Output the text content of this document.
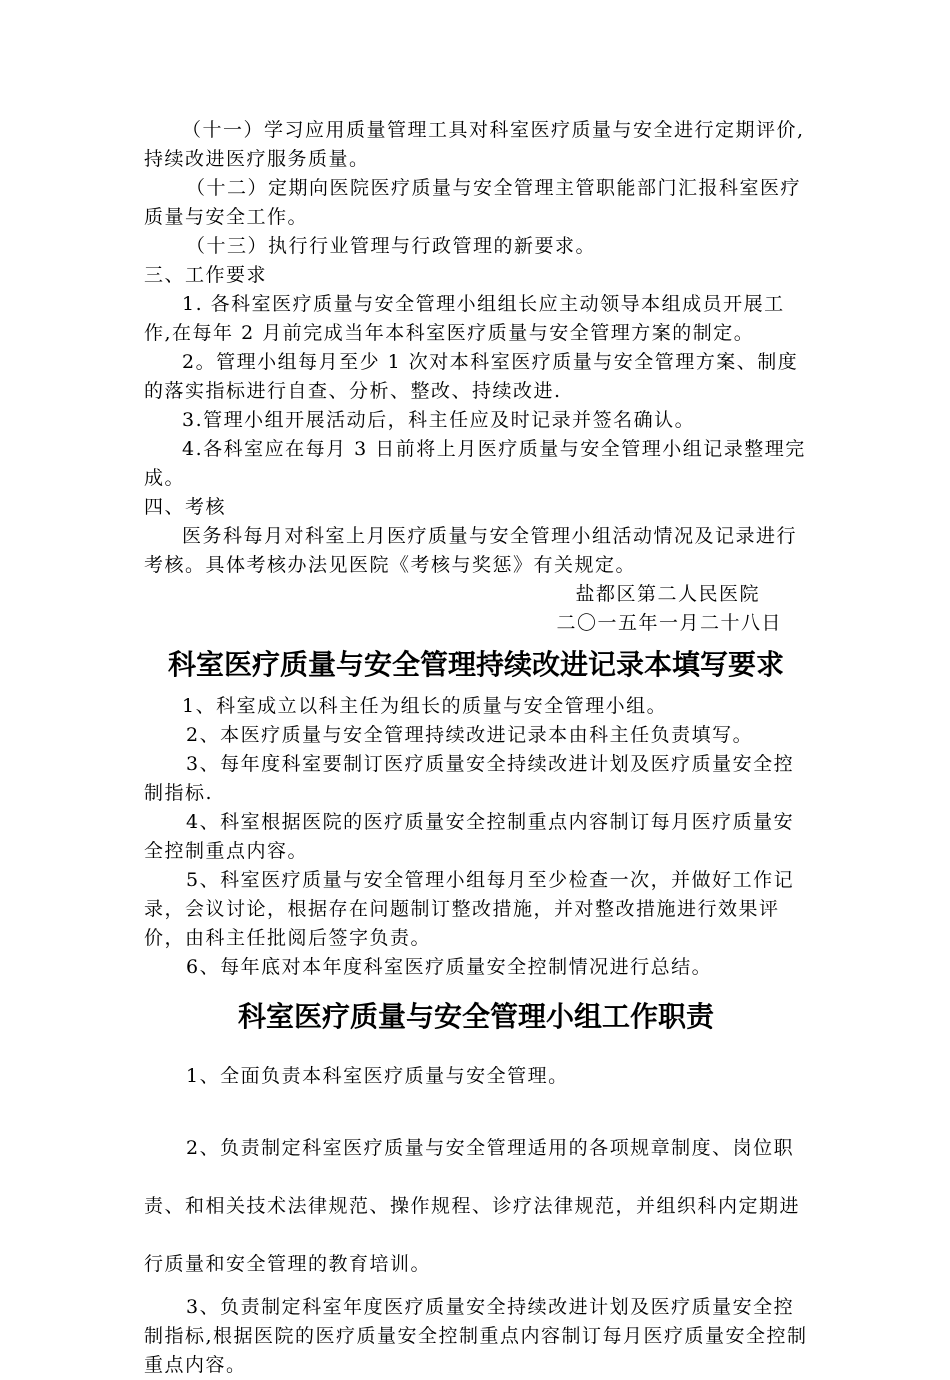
（十一）学习应用质量管理工具对科室医疗质量与安全进行定期评价,持续改进医疗服务质量。

（十二）定期向医院医疗质量与安全管理主管职能部门汇报科室医疗质量与安全工作。

（十三）执行行业管理与行政管理的新要求。

三、工作要求

1. 各科室医疗质量与安全管理小组组长应主动领导本组成员开展工作,在每年 2 月前完成当年本科室医疗质量与安全管理方案的制定。

2。管理小组每月至少 1 次对本科室医疗质量与安全管理方案、制度的落实指标进行自查、分析、整改、持续改进.

3.管理小组开展活动后，科主任应及时记录并签名确认。

4.各科室应在每月 3 日前将上月医疗质量与安全管理小组记录整理完成。

四、考核

医务科每月对科室上月医疗质量与安全管理小组活动情况及记录进行考核。具体考核办法见医院《考核与奖惩》有关规定。

盐都区第二人民医院

二〇一五年一月二十八日

科室医疗质量与安全管理持续改进记录本填写要求

1、科室成立以科主任为组长的质量与安全管理小组。

2、本医疗质量与安全管理持续改进记录本由科主任负责填写。

3、每年度科室要制订医疗质量安全持续改进计划及医疗质量安全控制指标.

4、科室根据医院的医疗质量安全控制重点内容制订每月医疗质量安全控制重点内容。

5、科室医疗质量与安全管理小组每月至少检查一次，并做好工作记录，会议讨论，根据存在问题制订整改措施，并对整改措施进行效果评价，由科主任批阅后签字负责。

6、每年底对本年度科室医疗质量安全控制情况进行总结。

科室医疗质量与安全管理小组工作职责

1、全面负责本科室医疗质量与安全管理。

2、负责制定科室医疗质量与安全管理适用的各项规章制度、岗位职责、和相关技术法律规范、操作规程、诊疗法律规范，并组织科内定期进行质量和安全管理的教育培训。

3、负责制定科室年度医疗质量安全持续改进计划及医疗质量安全控制指标,根据医院的医疗质量安全控制重点内容制订每月医疗质量安全控制重点内容。
